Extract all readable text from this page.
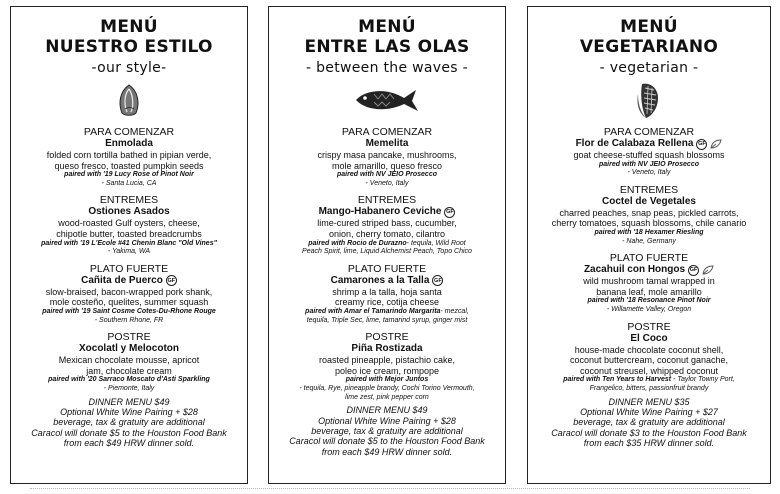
MENÚ
NUESTRO ESTILO
-our style-
PARA COMENZAR
Enmolada
folded corn tortilla bathed in pipian verde,
queso fresco, toasted pumpkin seeds
paired with '19 Lucy Rose of Pinot Noir
- Santa Lucia, CA
ENTREMES
Ostiones Asados
wood-roasted Gulf oysters, cheese,
chipotle butter, toasted breadcrumbs
paired with '19 L'Ecole #41 Chenin Blanc "Old Vines"
- Yakima, WA
PLATO FUERTE
Cañita de Puerco GF
slow-braised, bacon-wrapped pork shank,
mole costeño, quelites, summer squash
paired with '19 Saint Cosme Cotes-Du-Rhone Rouge
- Southern Rhone, FR
POSTRE
Xocolatl y Melocoton
Mexican chocolate mousse, apricot
jam, chocolate cream
paired with '20 Sarraco Moscato d'Asti Sparkling
- Piemonte, Italy
DINNER MENU $49
Optional White Wine Pairing + $28
beverage, tax & gratuity are additional
Caracol will donate $5 to the Houston Food Bank
from each $49 HRW dinner sold.
MENÚ
ENTRE LAS OLAS
- between the waves -
PARA COMENZAR
Memelita
crispy masa pancake, mushrooms,
mole amarillo, queso fresco
paired with NV JEIO Prosecco
- Veneto, Italy
ENTREMES
Mango-Habanero Ceviche GF
lime-cured striped bass, cucumber,
onion, cherry tomato, cilantro
paired with Rocio de Durazno- tequila, Wild Root
Peach Spirit, lime, Liquid Alchemist Peach, Topo Chico
PLATO FUERTE
Camarones a la Talla GF
shrimp a la talla, hoja santa
creamy rice, cotija cheese
paired with Amar el Tamarindo Margarita- mezcal,
tequila, Triple Sec, lime, tamarind syrup, ginger mist
POSTRE
Piña Rostizada
roasted pineapple, pistachio cake,
poleo ice cream, rompope
paired with Mejor Juntos
- tequila, Rye, pineapple brandy, Cochi Torino Vermouth, lime zest, pink pepper corn
DINNER MENU $49
Optional White Wine Pairing + $28
beverage, tax & gratuity are additional
Caracol will donate $5 to the Houston Food Bank
from each $49 HRW dinner sold.
MENÚ
VEGETARIANO
- vegetarian -
PARA COMENZAR
Flor de Calabaza Rellena GF
goat cheese-stuffed squash blossoms
paired with NV JEIO Prosecco
- Veneto, Italy
ENTREMES
Coctel de Vegetales
charred peaches, snap peas, pickled carrots,
cherry tomatoes, squash blossoms, chile canario
paired with '18 Hexamer Riesling
- Nahe, Germany
PLATO FUERTE
Zacahuil con Hongos GF
wild mushroom tamal wrapped in
banana leaf, mole amarillo
paired with '18 Resonance Pinot Noir
- Willamette Valley, Oregon
POSTRE
El Coco
house-made chocolate coconut shell,
coconut buttercream, coconut ganache,
coconut streusel, whipped coconut
paired with Ten Years to Harvest - Taylor Towny Port,
Frangelico, bitters, passionfruit brandy
DINNER MENU $35
Optional White Wine Pairing + $27
beverage, tax & gratuity are additional
Caracol will donate $3 to the Houston Food Bank
from each $35 HRW dinner sold.
